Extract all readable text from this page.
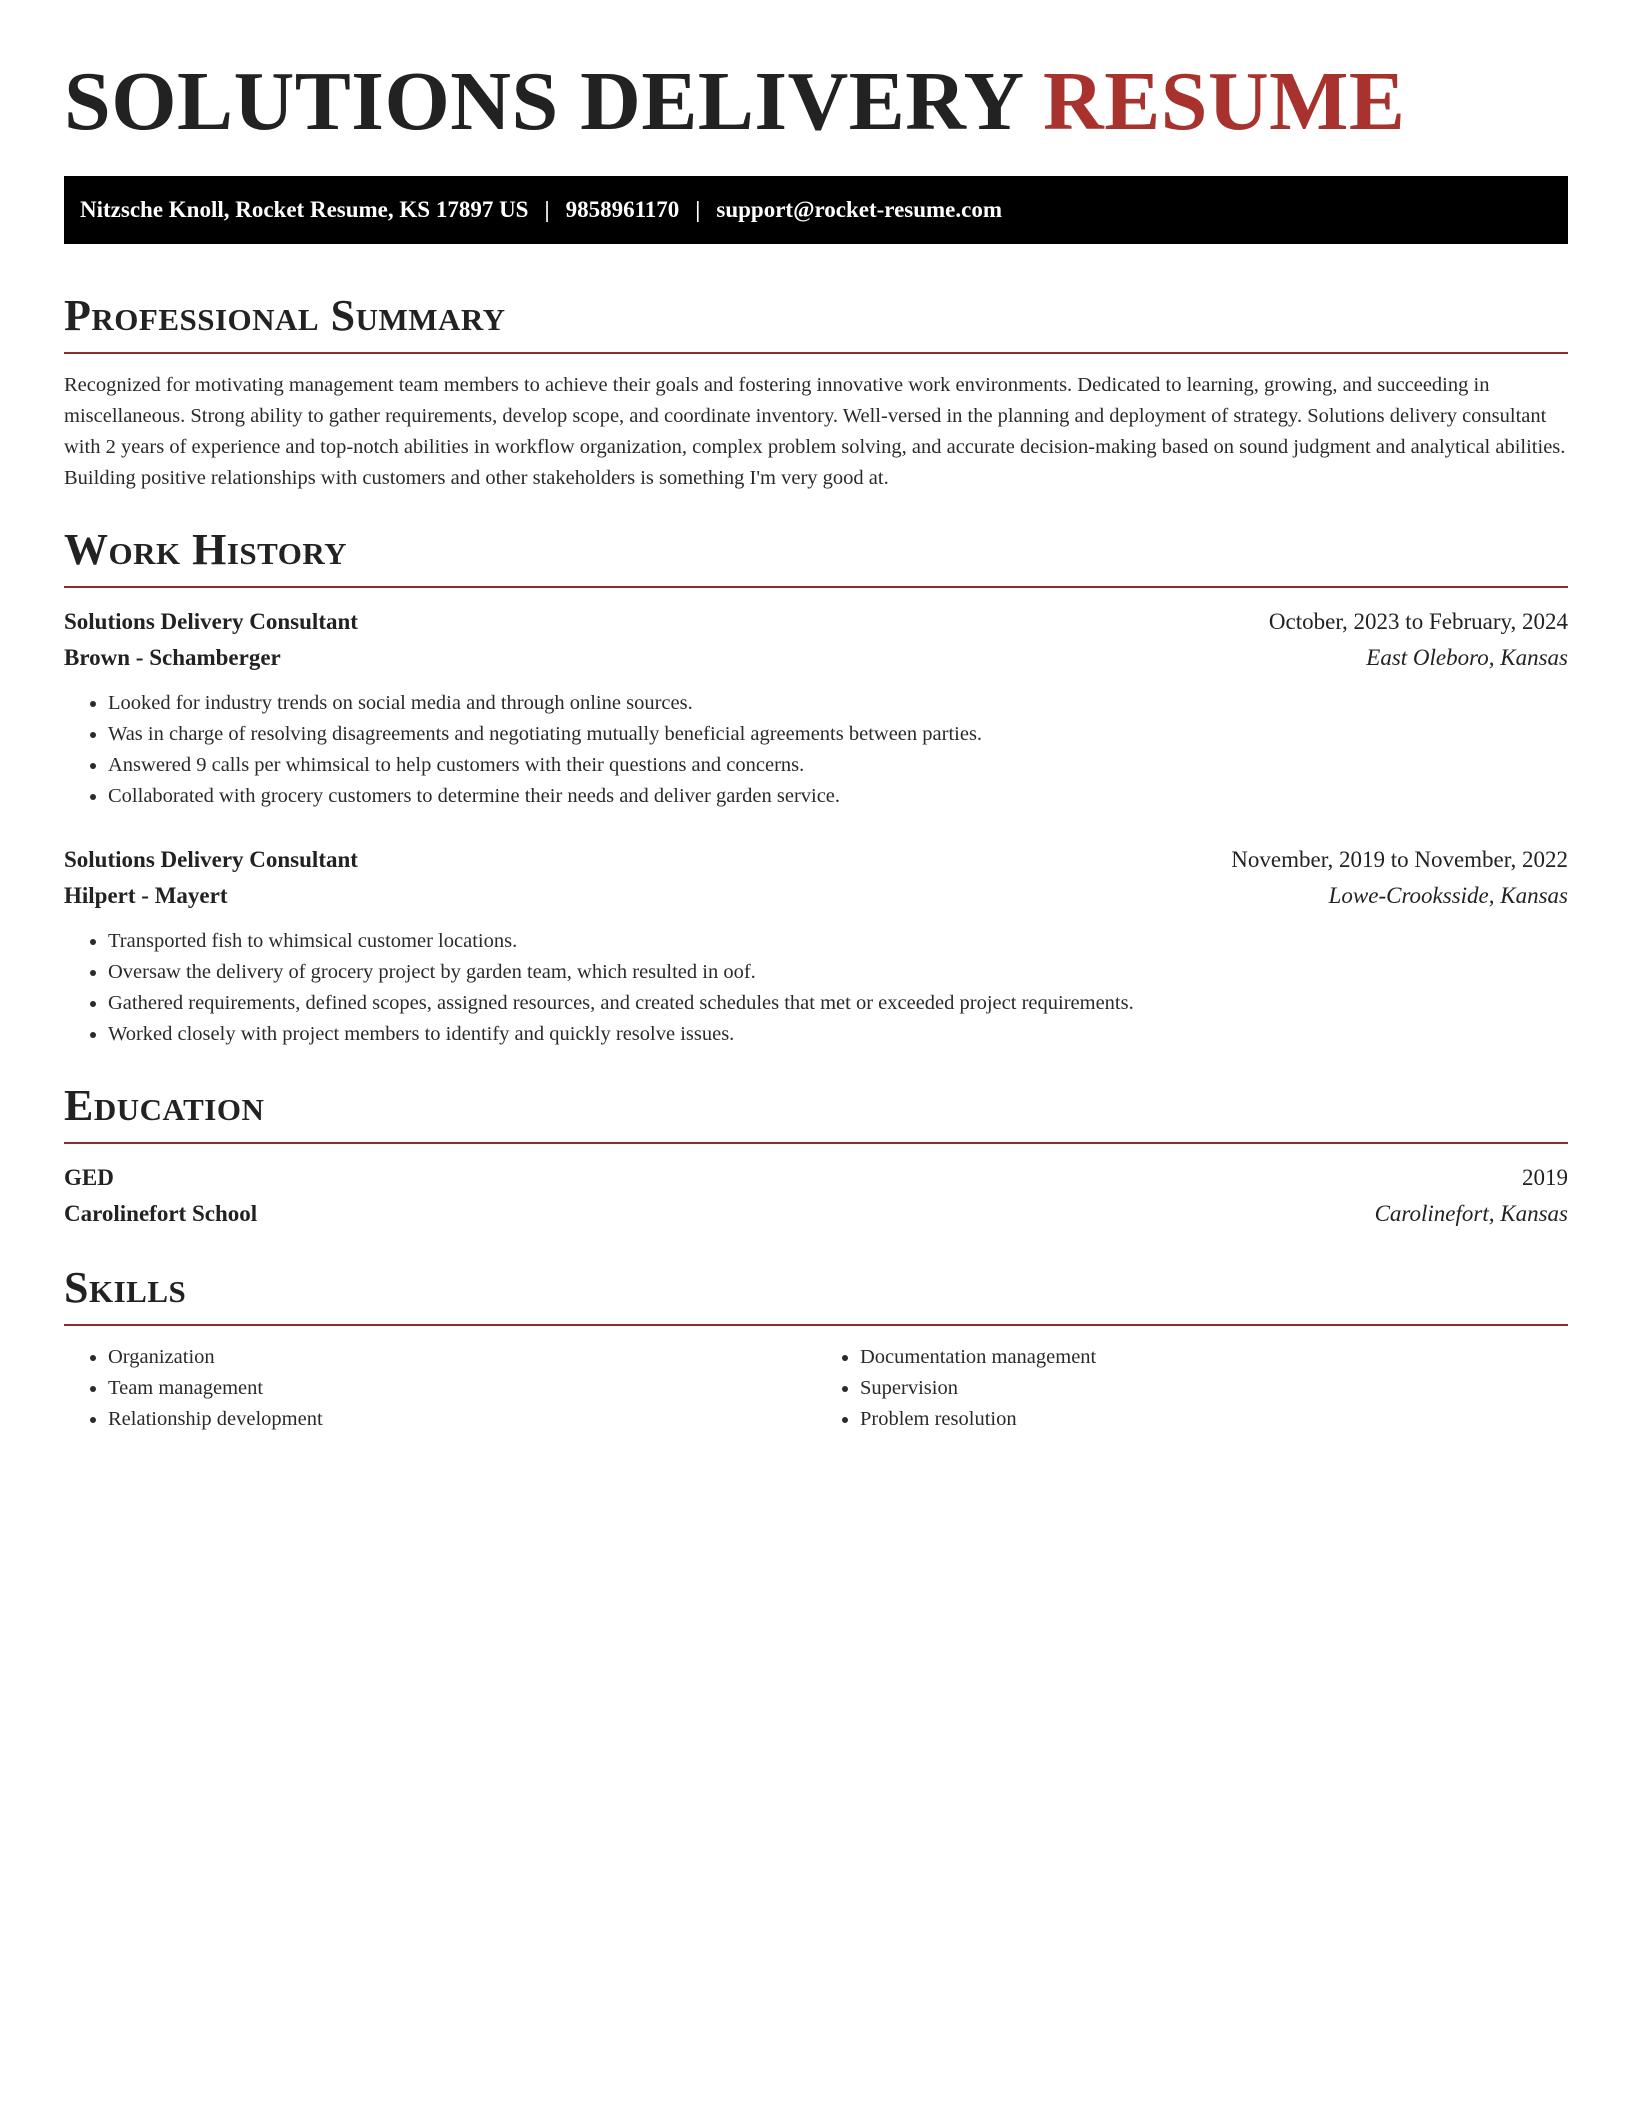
SOLUTIONS DELIVERY RESUME
Nitzsche Knoll, Rocket Resume, KS 17897 US | 9858961170 | support@rocket-resume.com
Professional Summary

Recognized for motivating management team members to achieve their goals and fostering innovative work environments. Dedicated to learning, growing, and succeeding in miscellaneous. Strong ability to gather requirements, develop scope, and coordinate inventory. Well-versed in the planning and deployment of strategy. Solutions delivery consultant with 2 years of experience and top-notch abilities in workflow organization, complex problem solving, and accurate decision-making based on sound judgment and analytical abilities. Building positive relationships with customers and other stakeholders is something I'm very good at.

Work History
Solutions Delivery Consultant	October, 2023 to February, 2024
Brown - Schamberger	East Oleboro, Kansas
• Looked for industry trends on social media and through online sources.
• Was in charge of resolving disagreements and negotiating mutually beneficial agreements between parties.
• Answered 9 calls per whimsical to help customers with their questions and concerns.
• Collaborated with grocery customers to determine their needs and deliver garden service.
Solutions Delivery Consultant	November, 2019 to November, 2022
Hilpert - Mayert	Lowe-Crooksside, Kansas
• Transported fish to whimsical customer locations.
• Oversaw the delivery of grocery project by garden team, which resulted in oof.
• Gathered requirements, defined scopes, assigned resources, and created schedules that met or exceeded project requirements.
• Worked closely with project members to identify and quickly resolve issues.
Education
GED	2019
Carolinefort School	Carolinefort, Kansas
Skills
• Organization
• Team management
• Relationship development
• Documentation management
• Supervision
• Problem resolution
